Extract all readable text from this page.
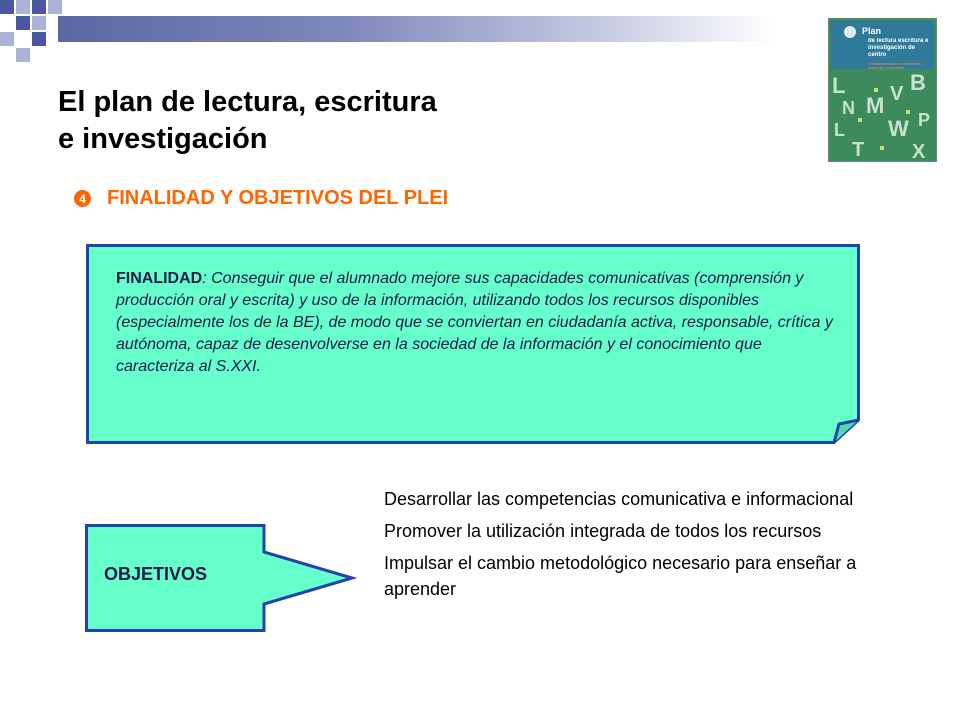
El plan de lectura, escritura
e investigación
Plan
de lectura escritura e investigación de centro
Orientaciones para su elaboración, desarrollo y evaluación
L
N M V B
L W P
T X
4 FINALIDAD Y OBJETIVOS DEL PLEI
FINALIDAD: Conseguir que el alumnado mejore sus capacidades comunicativas (comprensión y producción oral y escrita) y uso de la información, utilizando todos los recursos disponibles (especialmente los de la BE), de modo que se conviertan en ciudadanía activa, responsable, crítica y autónoma, capaz de desenvolverse en la sociedad de la información y el conocimiento que caracteriza al S.XXI.
OBJETIVOS
Desarrollar las competencias comunicativa e informacional
Promover la utilización integrada de todos los recursos
Impulsar el cambio metodológico necesario para enseñar a aprender
